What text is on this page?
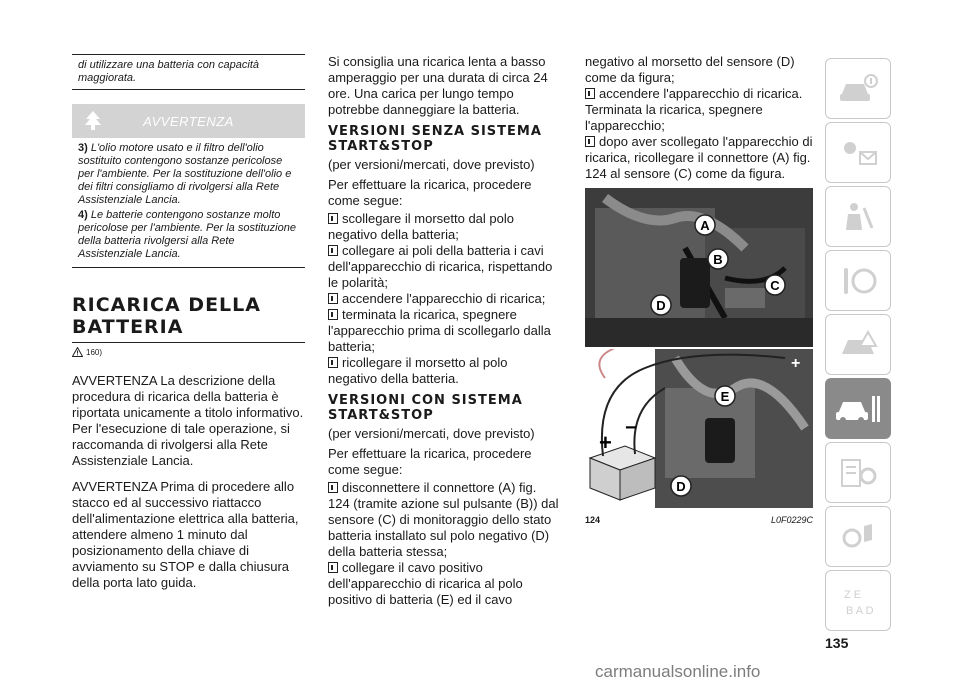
di utilizzare una batteria con capacità maggiorata.
AVVERTENZA

3) L'olio motore usato e il filtro dell'olio sostituito contengono sostanze pericolose per l'ambiente. Per la sostituzione dell'olio e dei filtri consigliamo di rivolgersi alla Rete Assistenziale Lancia.

4) Le batterie contengono sostanze molto pericolose per l'ambiente. Per la sostituzione della batteria rivolgersi alla Rete Assistenziale Lancia.

RICARICA DELLA BATTERIA
160)

AVVERTENZA La descrizione della procedura di ricarica della batteria è riportata unicamente a titolo informativo. Per l'esecuzione di tale operazione, si raccomanda di rivolgersi alla Rete Assistenziale Lancia.

AVVERTENZA Prima di procedere allo stacco ed al successivo riattacco dell'alimentazione elettrica alla batteria, attendere almeno 1 minuto dal posizionamento della chiave di avviamento su STOP e dalla chiusura della porta lato guida.

Si consiglia una ricarica lenta a basso amperaggio per una durata di circa 24 ore. Una carica per lungo tempo potrebbe danneggiare la batteria.

VERSIONI SENZA SISTEMA START&STOP

(per versioni/mercati, dove previsto)

Per effettuare la ricarica, procedere come segue:

scollegare il morsetto dal polo negativo della batteria;
collegare ai poli della batteria i cavi dell'apparecchio di ricarica, rispettando le polarità;
accendere l'apparecchio di ricarica;
terminata la ricarica, spegnere l'apparecchio prima di scollegarlo dalla batteria;
ricollegare il morsetto al polo negativo della batteria.
VERSIONI CON SISTEMA START&STOP

(per versioni/mercati, dove previsto)

Per effettuare la ricarica, procedere come segue:

disconnettere il connettore (A) fig. 124 (tramite azione sul pulsante (B)) dal sensore (C) di monitoraggio dello stato batteria installato sul polo negativo (D) della batteria stessa;
collegare il cavo positivo dell'apparecchio di ricarica al polo positivo di batteria (E) ed il cavo
negativo al morsetto del sensore (D) come da figura;
accendere l'apparecchio di ricarica. Terminata la ricarica, spegnere l'apparecchio;
dopo aver scollegato l'apparecchio di ricarica, ricollegare il connettore (A) fig. 124 al sensore (C) come da figura.
A
B
C
D
E
D
+
−
+
124	L0F0229C
Z E
B A D
135
carmanualsonline.info
